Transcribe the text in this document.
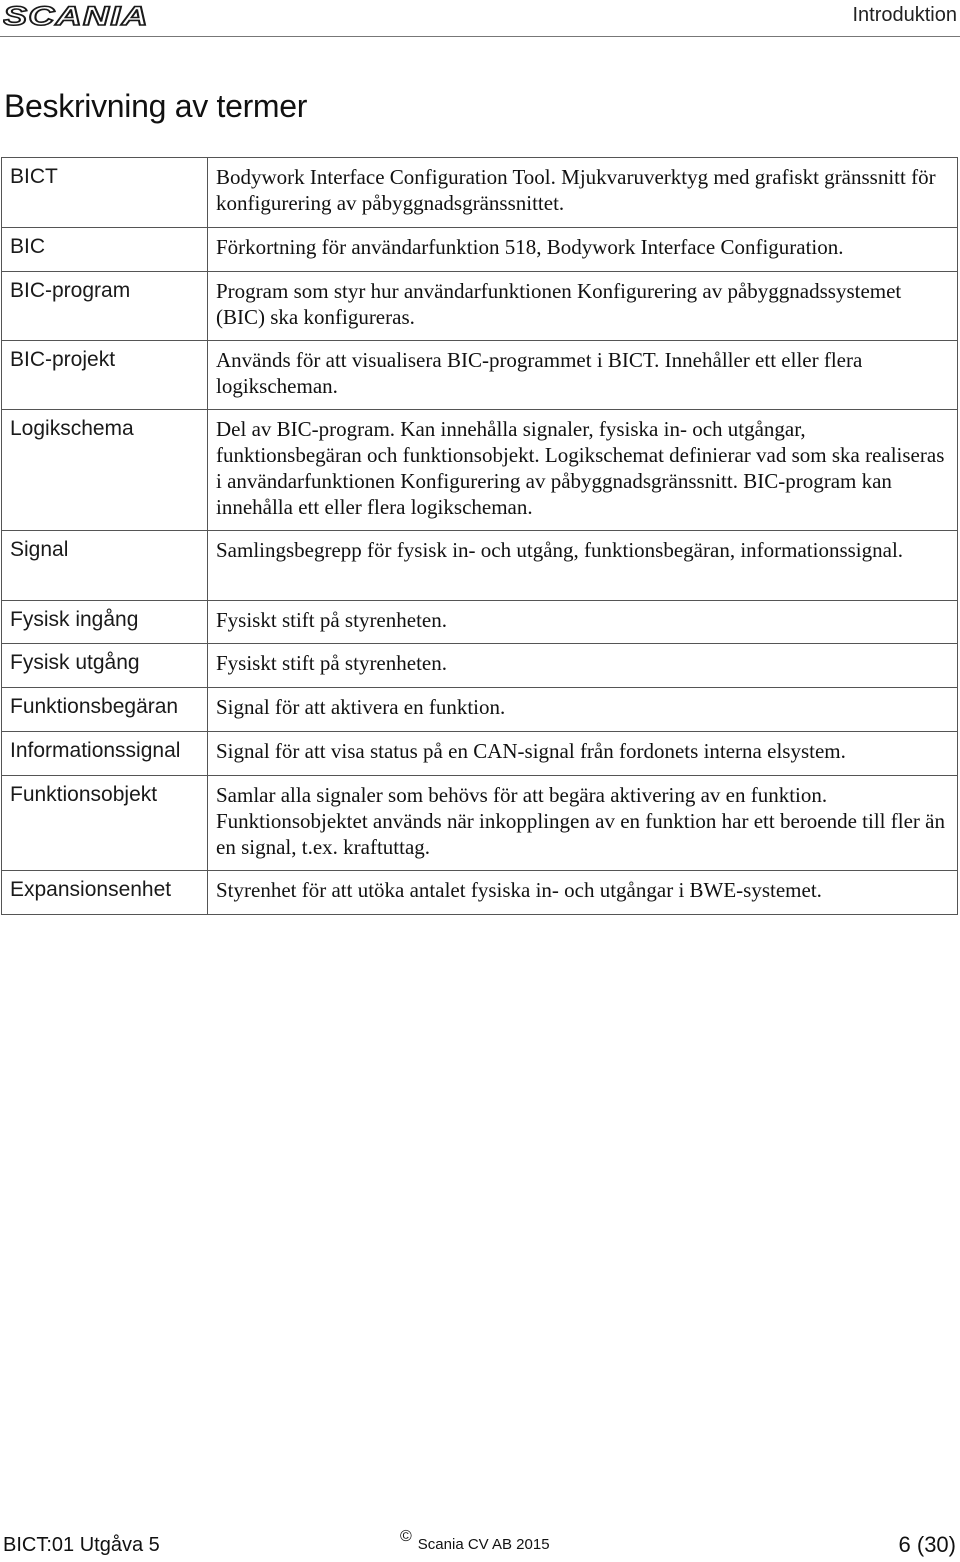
SCANIA	Introduktion
Beskrivning av termer
BICT	Bodywork Interface Configuration Tool. Mjukvaruverktyg med grafiskt gränssnitt för konfigurering av påbyggnadsgränssnittet.
BIC	Förkortning för användarfunktion 518, Bodywork Interface Configuration.
BIC-program	Program som styr hur användarfunktionen Konfigurering av påbyggnadssystemet (BIC) ska konfigureras.
BIC-projekt	Används för att visualisera BIC-programmet i BICT. Innehåller ett eller flera logikscheman.
Logikschema	Del av BIC-program. Kan innehålla signaler, fysiska in- och utgångar, funktionsbegäran och funktionsobjekt. Logikschemat definierar vad som ska realiseras i användarfunktionen Konfigurering av påbyggnadsgränssnitt. BIC-program kan innehålla ett eller flera logikscheman.
Signal	Samlingsbegrepp för fysisk in- och utgång, funktionsbegäran, informationssignal.
Fysisk ingång	Fysiskt stift på styrenheten.
Fysisk utgång	Fysiskt stift på styrenheten.
Funktionsbegäran	Signal för att aktivera en funktion.
Informationssignal	Signal för att visa status på en CAN-signal från fordonets interna elsystem.
Funktionsobjekt	Samlar alla signaler som behövs för att begära aktivering av en funktion. Funktionsobjektet används när inkopplingen av en funktion har ett beroende till fler än en signal, t.ex. kraftuttag.
Expansionsenhet	Styrenhet för att utöka antalet fysiska in- och utgångar i BWE-systemet.
BICT:01 Utgåva 5	© Scania CV AB 2015	6 (30)
